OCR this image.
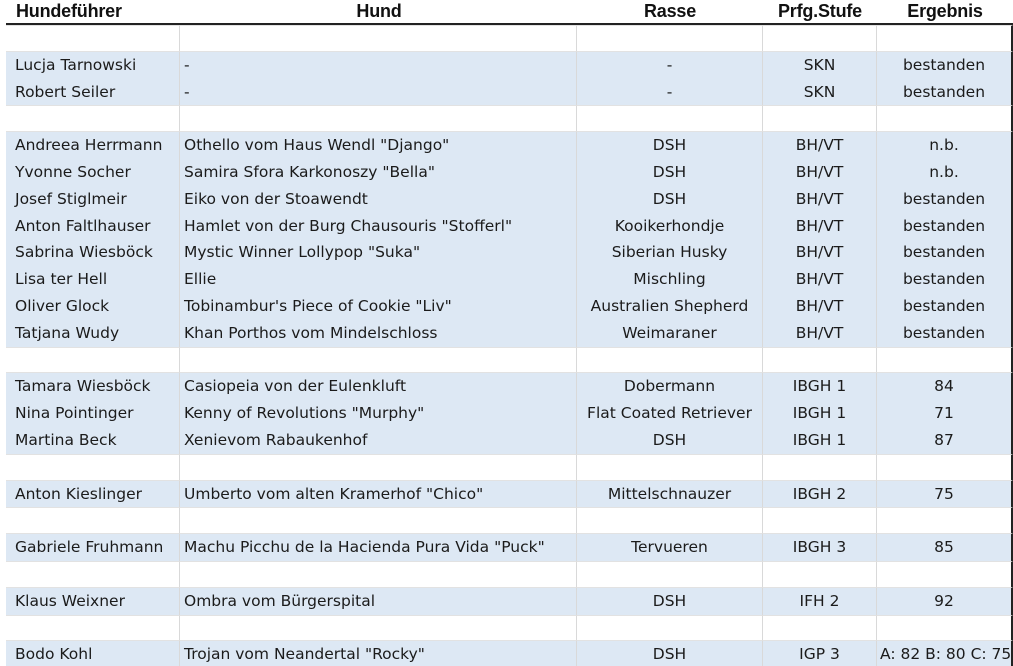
Hundeführer	Hund	Rasse	Prfg.Stufe	Ergebnis
Lucja Tarnowski	-	-	SKN	bestanden
Robert Seiler	-	-	SKN	bestanden
Andreea Herrmann	Othello vom Haus Wendl "Django"	DSH	BH/VT	n.b.
Yvonne Socher	Samira Sfora Karkonoszy "Bella"	DSH	BH/VT	n.b.
Josef Stiglmeir	Eiko von der Stoawendt	DSH	BH/VT	bestanden
Anton Faltlhauser	Hamlet von der Burg Chausouris "Stofferl"	Kooikerhondje	BH/VT	bestanden
Sabrina Wiesböck	Mystic Winner Lollypop "Suka"	Siberian Husky	BH/VT	bestanden
Lisa ter Hell	Ellie	Mischling	BH/VT	bestanden
Oliver Glock	Tobinambur's Piece of Cookie "Liv"	Australien Shepherd	BH/VT	bestanden
Tatjana Wudy	Khan Porthos vom Mindelschloss	Weimaraner	BH/VT	bestanden
Tamara Wiesböck	Casiopeia von der Eulenkluft	Dobermann	IBGH 1	84
Nina Pointinger	Kenny of Revolutions "Murphy"	Flat Coated Retriever	IBGH 1	71
Martina Beck	Xenievom Rabaukenhof	DSH	IBGH 1	87
Anton Kieslinger	Umberto vom alten Kramerhof "Chico"	Mittelschnauzer	IBGH 2	75
Gabriele Fruhmann	Machu Picchu de la Hacienda Pura Vida "Puck"	Tervueren	IBGH 3	85
Klaus Weixner	Ombra vom Bürgerspital	DSH	IFH 2	92
Bodo Kohl	Trojan vom Neandertal "Rocky"	DSH	IGP 3	A: 82 B: 80 C: 75
